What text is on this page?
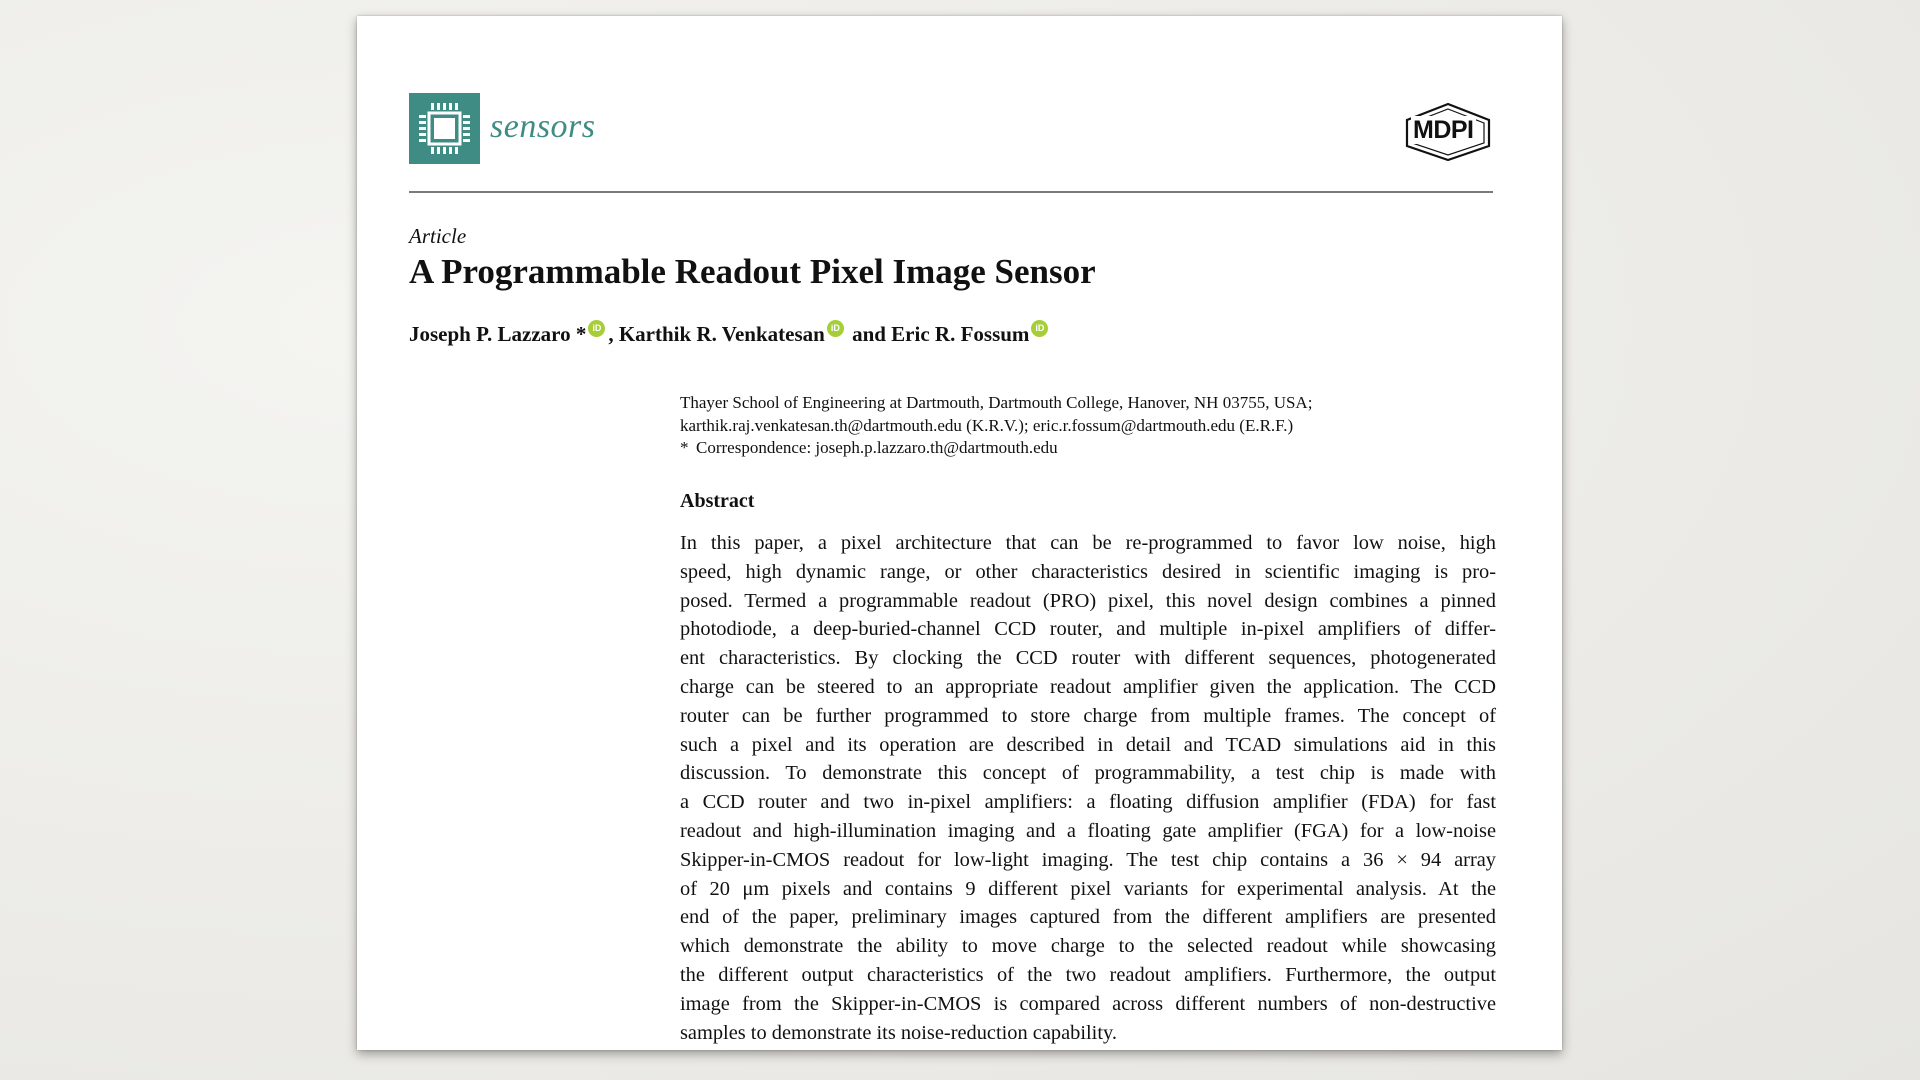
sensors	MDPI
Article
A Programmable Readout Pixel Image Sensor
Joseph P. Lazzaro * iD , Karthik R. Venkatesan iD and Eric R. Fossum iD
Thayer School of Engineering at Dartmouth, Dartmouth College, Hanover, NH 03755, USA;
karthik.raj.venkatesan.th@dartmouth.edu (K.R.V.); eric.r.fossum@dartmouth.edu (E.R.F.)
* Correspondence: joseph.p.lazzaro.th@dartmouth.edu
Abstract
In this paper, a pixel architecture that can be re-programmed to favor low noise, high
speed, high dynamic range, or other characteristics desired in scientific imaging is pro-
posed. Termed a programmable readout (PRO) pixel, this novel design combines a pinned
photodiode, a deep-buried-channel CCD router, and multiple in-pixel amplifiers of differ-
ent characteristics. By clocking the CCD router with different sequences, photogenerated
charge can be steered to an appropriate readout amplifier given the application. The CCD
router can be further programmed to store charge from multiple frames. The concept of
such a pixel and its operation are described in detail and TCAD simulations aid in this
discussion. To demonstrate this concept of programmability, a test chip is made with
a CCD router and two in-pixel amplifiers: a floating diffusion amplifier (FDA) for fast
readout and high-illumination imaging and a floating gate amplifier (FGA) for a low-noise
Skipper-in-CMOS readout for low-light imaging. The test chip contains a 36 × 94 array
of 20 μm pixels and contains 9 different pixel variants for experimental analysis. At the
end of the paper, preliminary images captured from the different amplifiers are presented
which demonstrate the ability to move charge to the selected readout while showcasing
the different output characteristics of the two readout amplifiers. Furthermore, the output
image from the Skipper-in-CMOS is compared across different numbers of non-destructive
samples to demonstrate its noise-reduction capability.
